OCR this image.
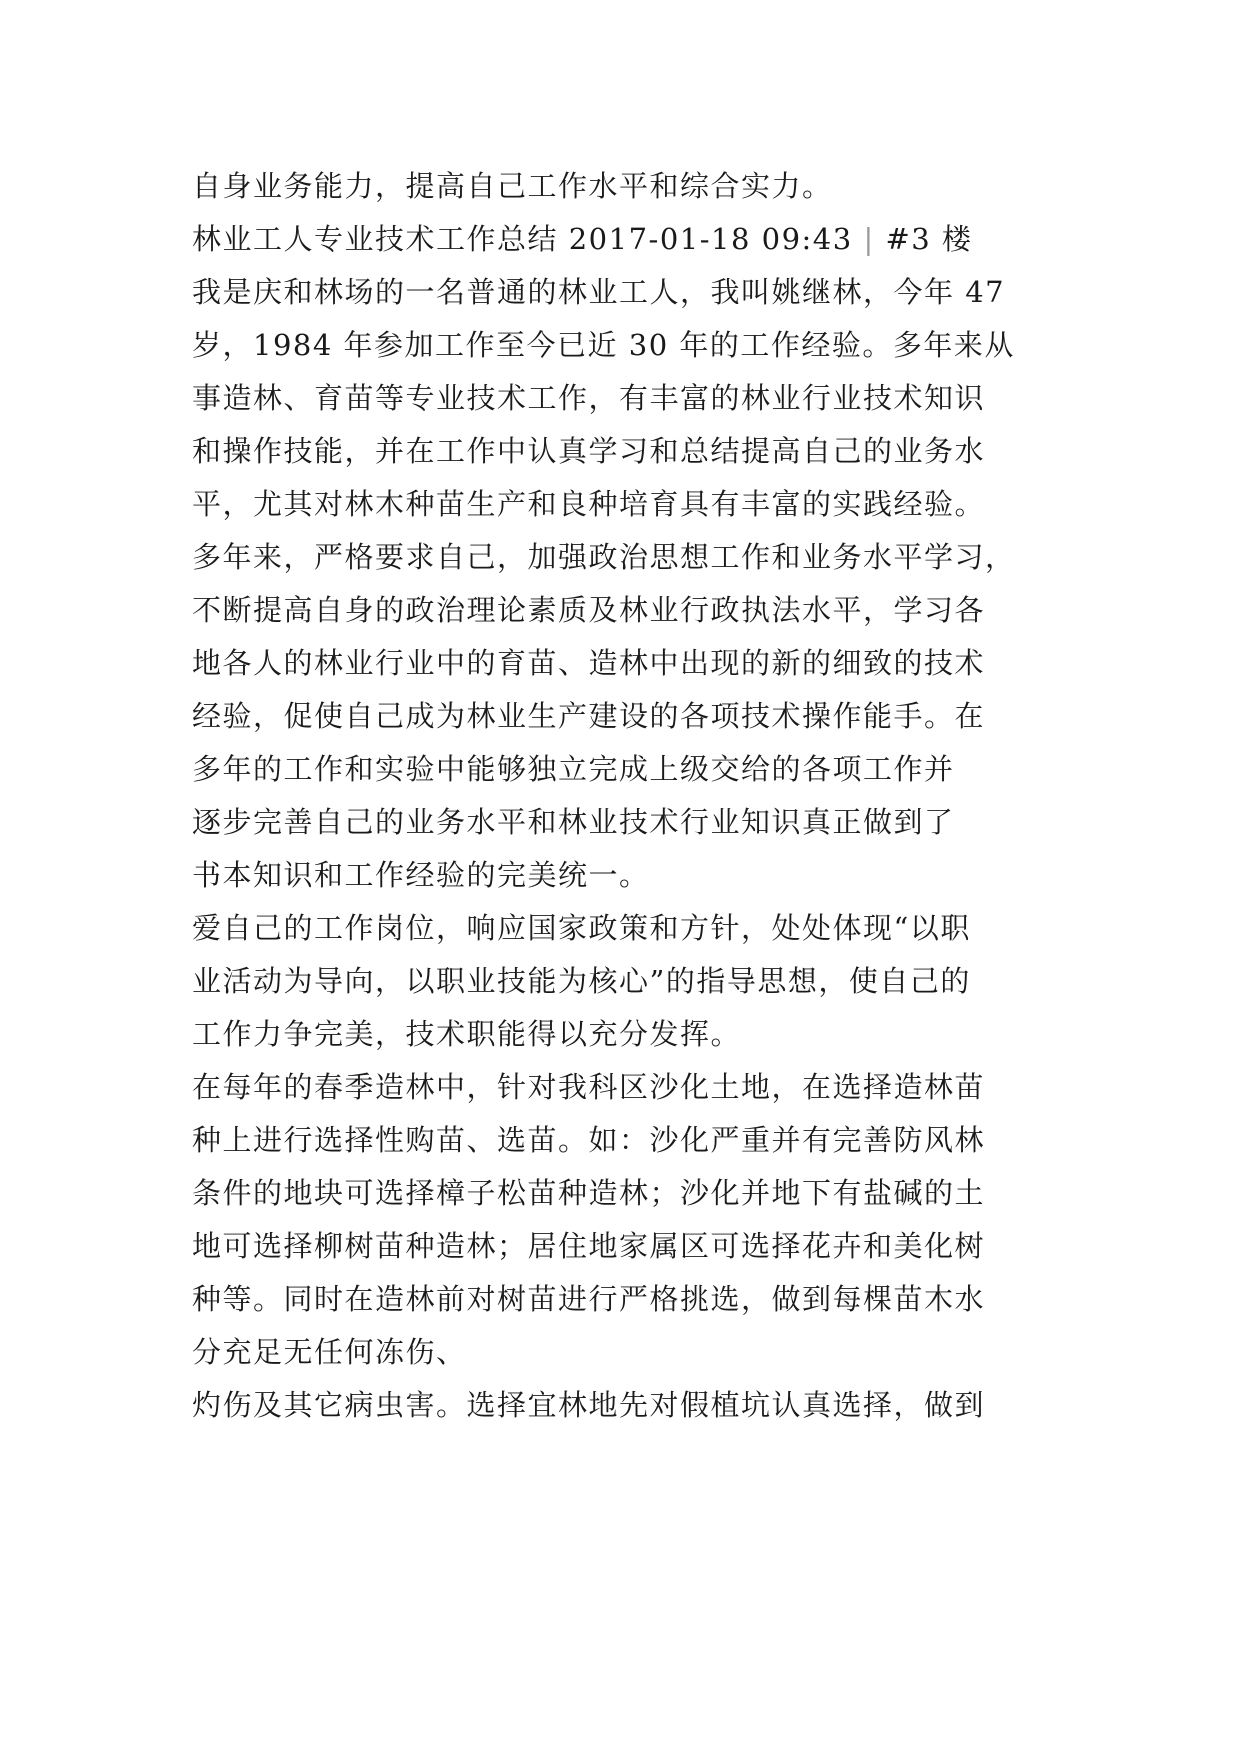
自身业务能力，提高自己工作水平和综合实力。
林业工人专业技术工作总结 2017-01-18 09:43 | #3 楼
我是庆和林场的一名普通的林业工人，我叫姚继林，今年 47
岁，1984 年参加工作至今已近 30 年的工作经验。多年来从
事造林、育苗等专业技术工作，有丰富的林业行业技术知识
和操作技能，并在工作中认真学习和总结提高自己的业务水
平，尤其对林木种苗生产和良种培育具有丰富的实践经验。
多年来，严格要求自己，加强政治思想工作和业务水平学习，
不断提高自身的政治理论素质及林业行政执法水平，学习各
地各人的林业行业中的育苗、造林中出现的新的细致的技术
经验，促使自己成为林业生产建设的各项技术操作能手。在
多年的工作和实验中能够独立完成上级交给的各项工作并
逐步完善自己的业务水平和林业技术行业知识真正做到了
书本知识和工作经验的完美统一。
爱自己的工作岗位，响应国家政策和方针，处处体现“以职
业活动为导向，以职业技能为核心”的指导思想，使自己的
工作力争完美，技术职能得以充分发挥。
在每年的春季造林中，针对我科区沙化土地，在选择造林苗
种上进行选择性购苗、选苗。如：沙化严重并有完善防风林
条件的地块可选择樟子松苗种造林；沙化并地下有盐碱的土
地可选择柳树苗种造林；居住地家属区可选择花卉和美化树
种等。同时在造林前对树苗进行严格挑选，做到每棵苗木水
分充足无任何冻伤、
灼伤及其它病虫害。选择宜林地先对假植坑认真选择，做到
